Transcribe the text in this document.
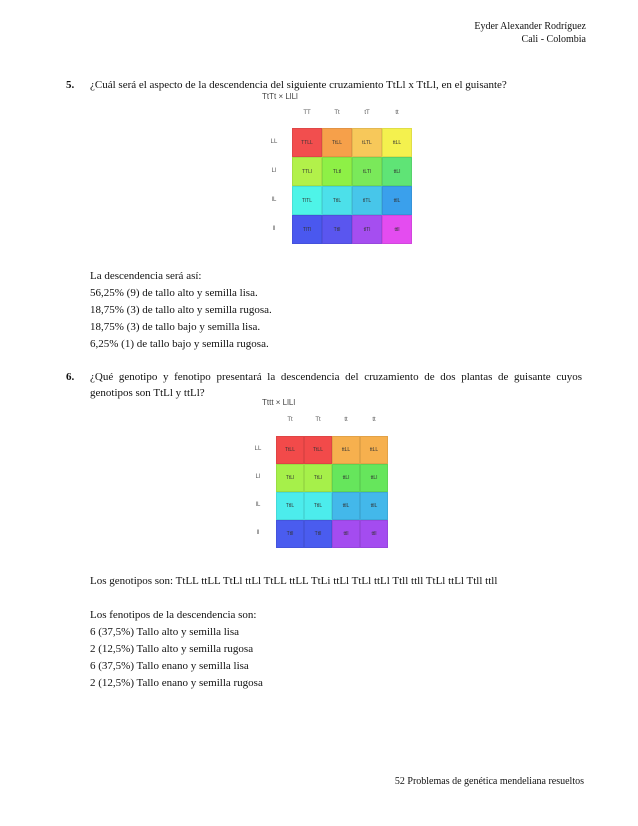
Eyder Alexander Rodríguez
Cali - Colombia
5. ¿Cuál será el aspecto de la descendencia del siguiente cruzamiento TtLl x TtLl, en el guisante?
TtTt × LlLl
TT	Tt	tT	tt
LL	TTLL	TtLL	tLTL	ttLL
Ll	TTLl	TLtl	tLTl	ttLl
lL	TlTL	TtlL	tlTL	ttlL
ll	TlTl	Ttll	tlTl	ttll
La descendencia será así:
56,25% (9) de tallo alto y semilla lisa.
18,75% (3) de tallo alto y semilla rugosa.
18,75% (3) de tallo bajo y semilla lisa.
6,25% (1) de tallo bajo y semilla rugosa.
6. ¿Qué genotipo y fenotipo presentará la descendencia del cruzamiento de dos plantas de guisante cuyos genotipos son TtLl y ttLl?
Tttt × LlLl
Tt	Tt	tt	tt
LL	TtLL	TtLL	ttLL	ttLL
Ll	TtLl	TtLl	ttLl	ttLl
lL	TtlL	TtlL	ttlL	ttlL
ll	Ttll	Ttll	ttll	ttll
Los genotipos son: TtLL ttLL TtLl ttLl TtLL ttLL TtLi ttLl TtLl ttLl Ttll ttll TtLl ttLl Ttll ttll
Los fenotipos de la descendencia son:
6 (37,5%) Tallo alto y semilla lisa
2 (12,5%) Tallo alto y semilla rugosa
6 (37,5%) Tallo enano y semilla lisa
2 (12,5%) Tallo enano y semilla rugosa
52 Problemas de genética mendeliana resueltos
